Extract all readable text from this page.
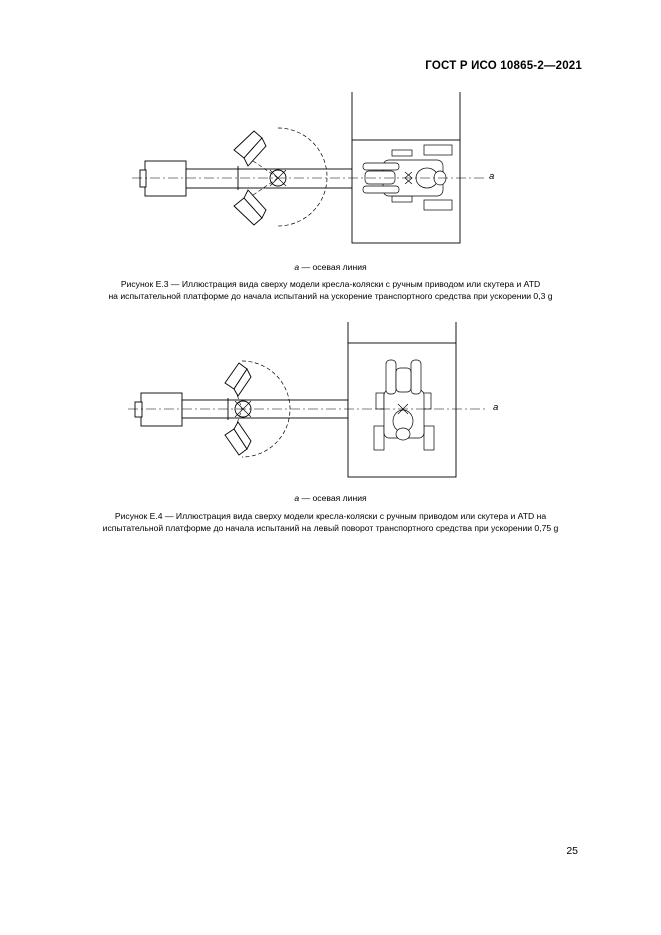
ГОСТ Р ИСО 10865-2—2021
a
a — осевая линия
Рисунок Е.3 — Иллюстрация вида сверху модели кресла-коляски с ручным приводом или скутера и ATD
на испытательной платформе до начала испытаний на ускорение транспортного средства при ускорении 0,3 g
a
a — осевая линия
Рисунок Е.4 — Иллюстрация вида сверху модели кресла-коляски с ручным приводом или скутера и ATD на
испытательной платформе до начала испытаний на левый поворот транспортного средства при ускорении 0,75 g
25
